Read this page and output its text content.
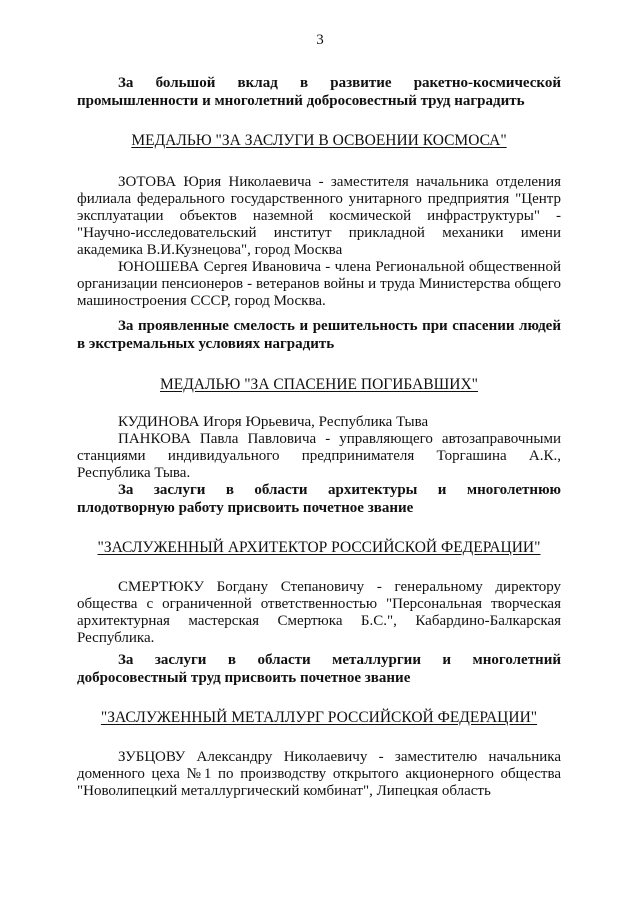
3

За большой вклад в развитие ракетно-космической промышленности и многолетний добросовестный труд наградить

МЕДАЛЬЮ "ЗА ЗАСЛУГИ В ОСВОЕНИИ КОСМОСА"

ЗОТОВА Юрия Николаевича - заместителя начальника отделения филиала федерального государственного унитарного предприятия "Центр эксплуатации объектов наземной космической инфраструктуры" - "Научно-исследовательский институт прикладной механики имени академика В.И.Кузнецова", город Москва

ЮНОШЕВА Сергея Ивановича - члена Региональной общественной организации пенсионеров - ветеранов войны и труда Министерства общего машиностроения СССР, город Москва.

За проявленные смелость и решительность при спасении людей в экстремальных условиях наградить

МЕДАЛЬЮ "ЗА СПАСЕНИЕ ПОГИБАВШИХ"

КУДИНОВА Игоря Юрьевича, Республика Тыва

ПАНКОВА Павла Павловича - управляющего автозаправочными станциями индивидуального предпринимателя Торгашина А.К., Республика Тыва.

За заслуги в области архитектуры и многолетнюю плодотворную работу присвоить почетное звание

"ЗАСЛУЖЕННЫЙ АРХИТЕКТОР РОССИЙСКОЙ ФЕДЕРАЦИИ"

СМЕРТЮКУ Богдану Степановичу - генеральному директору общества с ограниченной ответственностью "Персональная творческая архитектурная мастерская Смертюка Б.С.", Кабардино-Балкарская Республика.

За заслуги в области металлургии и многолетний добросовестный труд присвоить почетное звание

"ЗАСЛУЖЕННЫЙ МЕТАЛЛУРГ РОССИЙСКОЙ ФЕДЕРАЦИИ"

ЗУБЦОВУ Александру Николаевичу - заместителю начальника доменного цеха №1 по производству открытого акционерного общества "Новолипецкий металлургический комбинат", Липецкая область
